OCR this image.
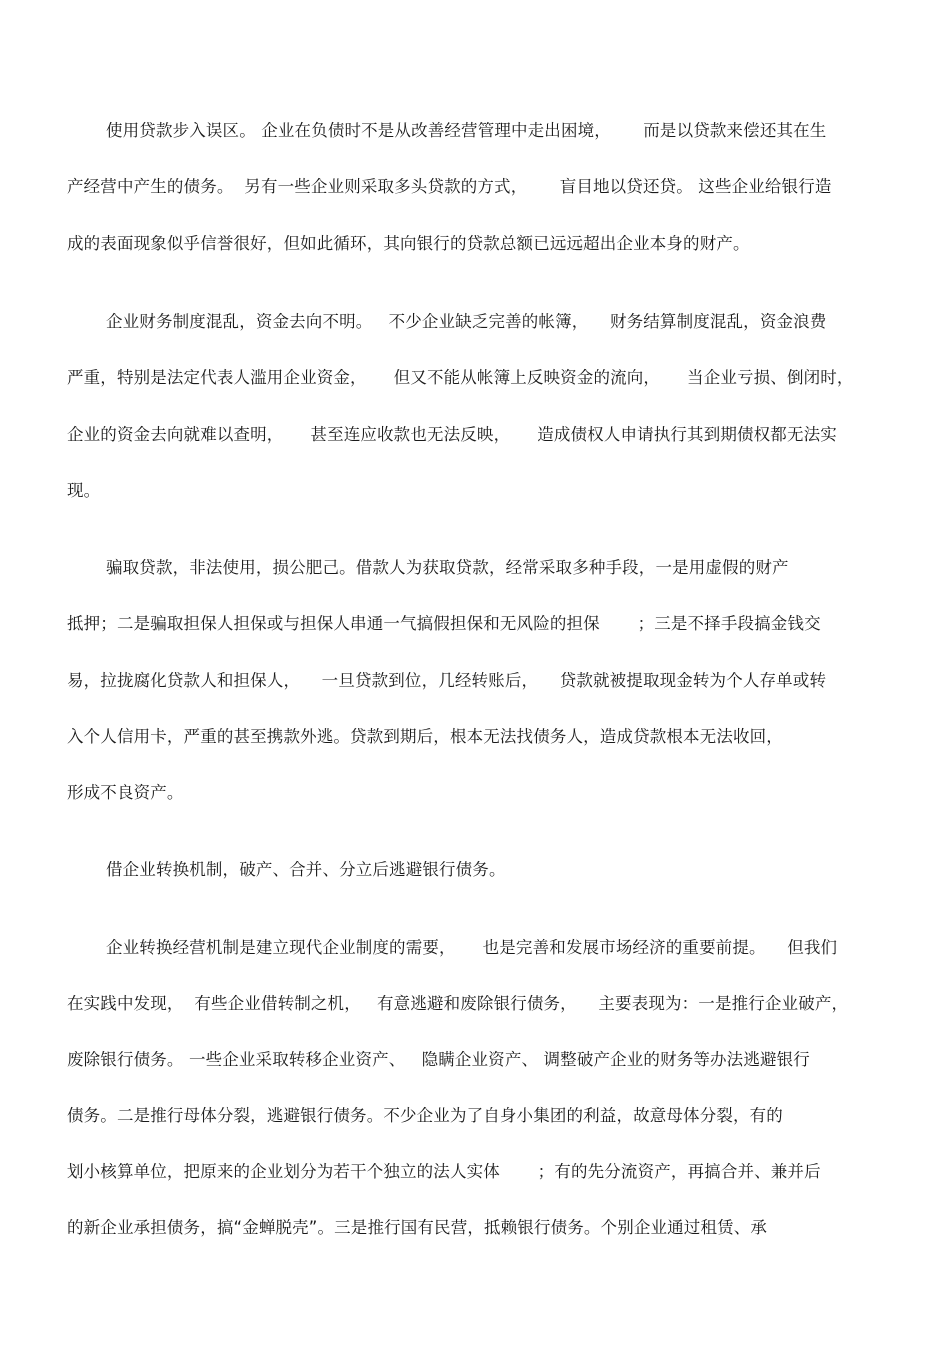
使用贷款步入误区。 企业在负债时不是从改善经营管理中走出困境，      而是以贷款来偿还其在生
产经营中产生的债务。  另有一些企业则采取多头贷款的方式，      盲目地以贷还贷。 这些企业给银行造
成的表面现象似乎信誉很好，但如此循环，其向银行的贷款总额已远远超出企业本身的财产。
企业财务制度混乱，资金去向不明。   不少企业缺乏完善的帐簿，    财务结算制度混乱，资金浪费
严重，特别是法定代表人滥用企业资金，     但又不能从帐簿上反映资金的流向，     当企业亏损、倒闭时，
企业的资金去向就难以查明，     甚至连应收款也无法反映，     造成债权人申请执行其到期债权都无法实
现。
骗取贷款，非法使用，损公肥己。借款人为获取贷款，经常采取多种手段，一是用虚假的财产
抵押；二是骗取担保人担保或与担保人串通一气搞假担保和无风险的担保       ；三是不择手段搞金钱交
易，拉拢腐化贷款人和担保人，    一旦贷款到位，几经转账后，    贷款就被提取现金转为个人存单或转
入个人信用卡，严重的甚至携款外逃。贷款到期后，根本无法找债务人，造成贷款根本无法收回，
形成不良资产。
借企业转换机制，破产、合并、分立后逃避银行债务。
企业转换经营机制是建立现代企业制度的需要，     也是完善和发展市场经济的重要前提。    但我们
在实践中发现，  有些企业借转制之机，   有意逃避和废除银行债务，    主要表现为：一是推行企业破产，
废除银行债务。 一些企业采取转移企业资产、   隐瞒企业资产、 调整破产企业的财务等办法逃避银行
债务。二是推行母体分裂，逃避银行债务。不少企业为了自身小集团的利益，故意母体分裂，有的
划小核算单位，把原来的企业划分为若干个独立的法人实体       ；有的先分流资产，再搞合并、兼并后
的新企业承担债务，搞“金蝉脱壳”。三是推行国有民营，抵赖银行债务。个别企业通过租赁、承
